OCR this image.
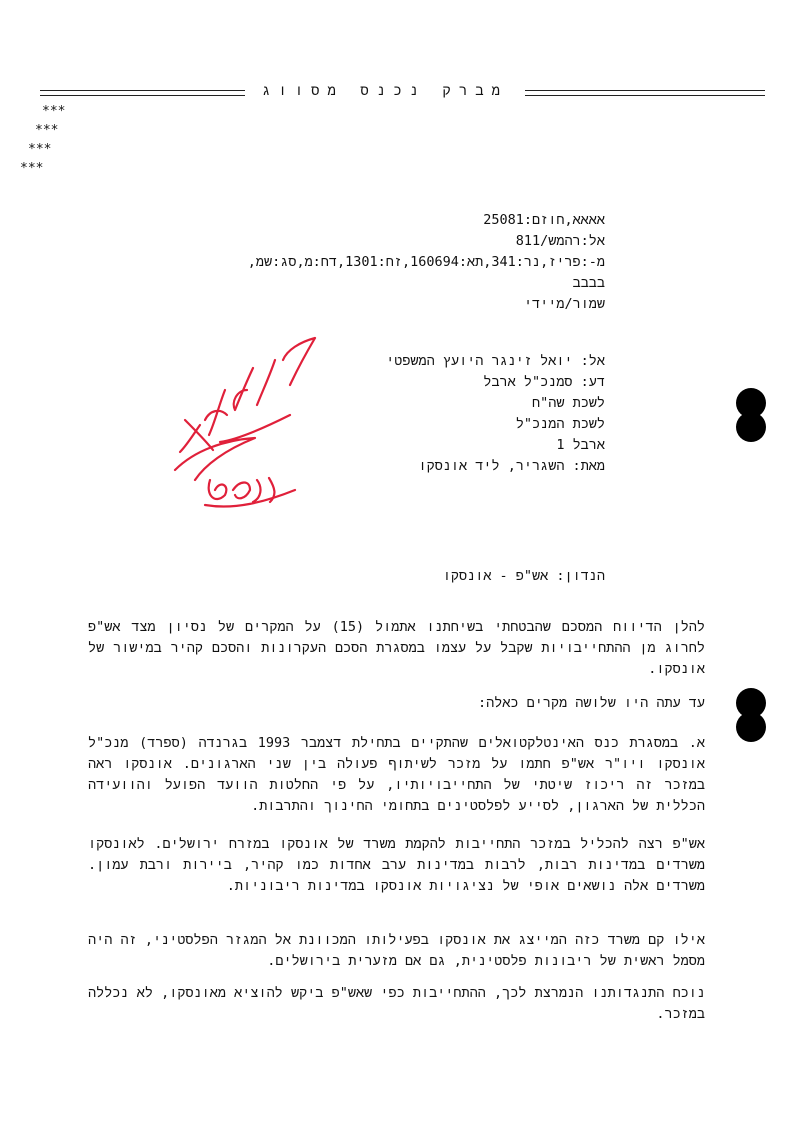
מברק נכנס מסווג
***
***
***
***
אאאא,חוזם:25081
אל:רהמש/811
מ-:פריז,נר:341,תא:160694,זח:1301,דח:מ,סג:שמ,
בבבב
שמור/מיידי
אל: יואל זינגר היועץ המשפטי
דע: סמנכ"ל ארבל
לשכת שה"ח
לשכת המנכ"ל
ארבל 1
מאת: השגריר, ליד אונסקו
הנדון: אש"פ - אונסקו

להלן הדיווח המסכם שהבטחתי בשיחתנו אתמול (15) על המקרים של נסיון מצד אש"פ לחרוג מן ההתחייבויות שקבל על עצמו במסגרת הסכם העקרונות והסכם קהיר במישור של אונסקו.

עד עתה היו שלושה מקרים כאלה:

א. במסגרת כנס האינטלקטואלים שהתקיים בתחילת דצמבר 1993 בגרנדה (ספרד) מנכ"ל אונסקו ויו"ר אש"פ חתמו על מזכר לשיתוף פעולה בין שני הארגונים. אונסקו ראה במזכר זה ריכוז שיטתי של התחייבויותיו, על פי החלטות הוועד הפועל והוועידה הכללית של הארגון, לסייע לפלסטינים בתחומי החינוך והתרבות.

אש"פ רצה להכליל במזכר התחייבות להקמת משרד של אונסקו במזרח ירושלים. לאונסקו משרדים במדינות רבות, לרבות במדינות ערב אחדות כמו קהיר, ביירות ורבת עמון. משרדים אלה נושאים אופי של נציגויות אונסקו במדינות ריבוניות.

אילו קם משרד כזה המייצג את אונסקו בפעילותו המכוונת אל המגזר הפלסטיני, זה היה מסמל ראשית של ריבונות פלסטינית, גם אם מזערית בירושלים.

נוכח התנגדותנו הנמרצת לכך, ההתחייבות כפי שאש"פ ביקש להוציא מאונסקו, לא נכללה במזכר.
